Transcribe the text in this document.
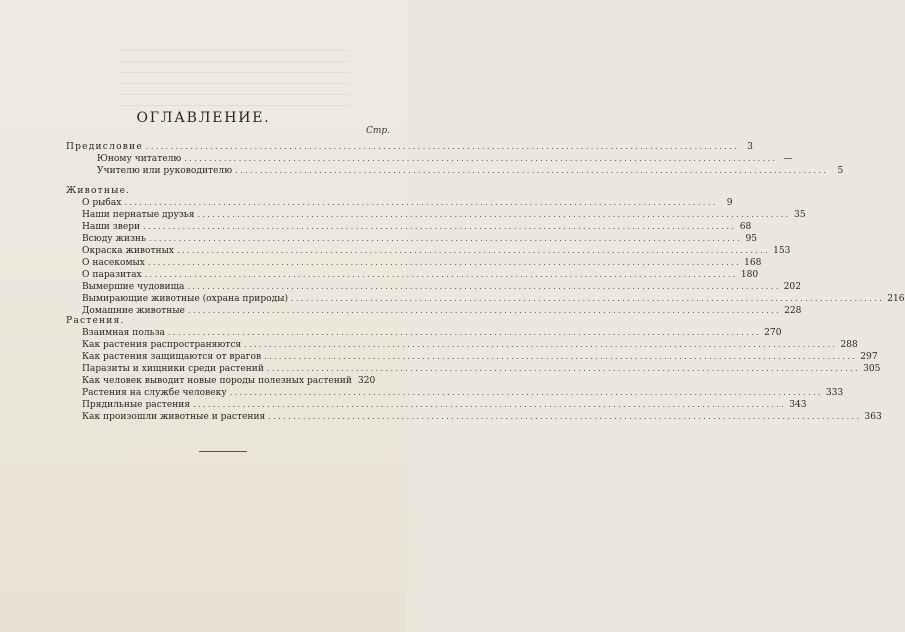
ОГЛАВЛЕНИЕ.
Стр.
Предисловие ........................................................................................................................ 3
Юному читателю ........................................................................................................................ —
Учителю или руководителю ........................................................................................................................	5
Животные.
О рыбах ........................................................................................................................	9
Наши пернатые друзья ........................................................................................................................ 35
Наши звери ........................................................................................................................ 68
Всюду жизнь ........................................................................................................................ 95
Окраска животных ........................................................................................................................ 153
О насекомых ........................................................................................................................ 168
О паразитах ........................................................................................................................ 180
Вымершие чудовища ........................................................................................................................ 202
Вымирающие животные (охрана природы) ........................................................................................................................ 216
Домашние животные ........................................................................................................................ 228
Растения.
Взаимная польза ........................................................................................................................ 270
Как растения распространяются ........................................................................................................................ 288
Как растения защищаются от врагов ........................................................................................................................ 297
Паразиты и хищники среди растений ........................................................................................................................ 305
Как человек выводит новые породы полезных растений 320
Растения на службе человеку ........................................................................................................................ 333
Прядильные растения ........................................................................................................................ 343
Как произошли животные и растения ........................................................................................................................ 363
